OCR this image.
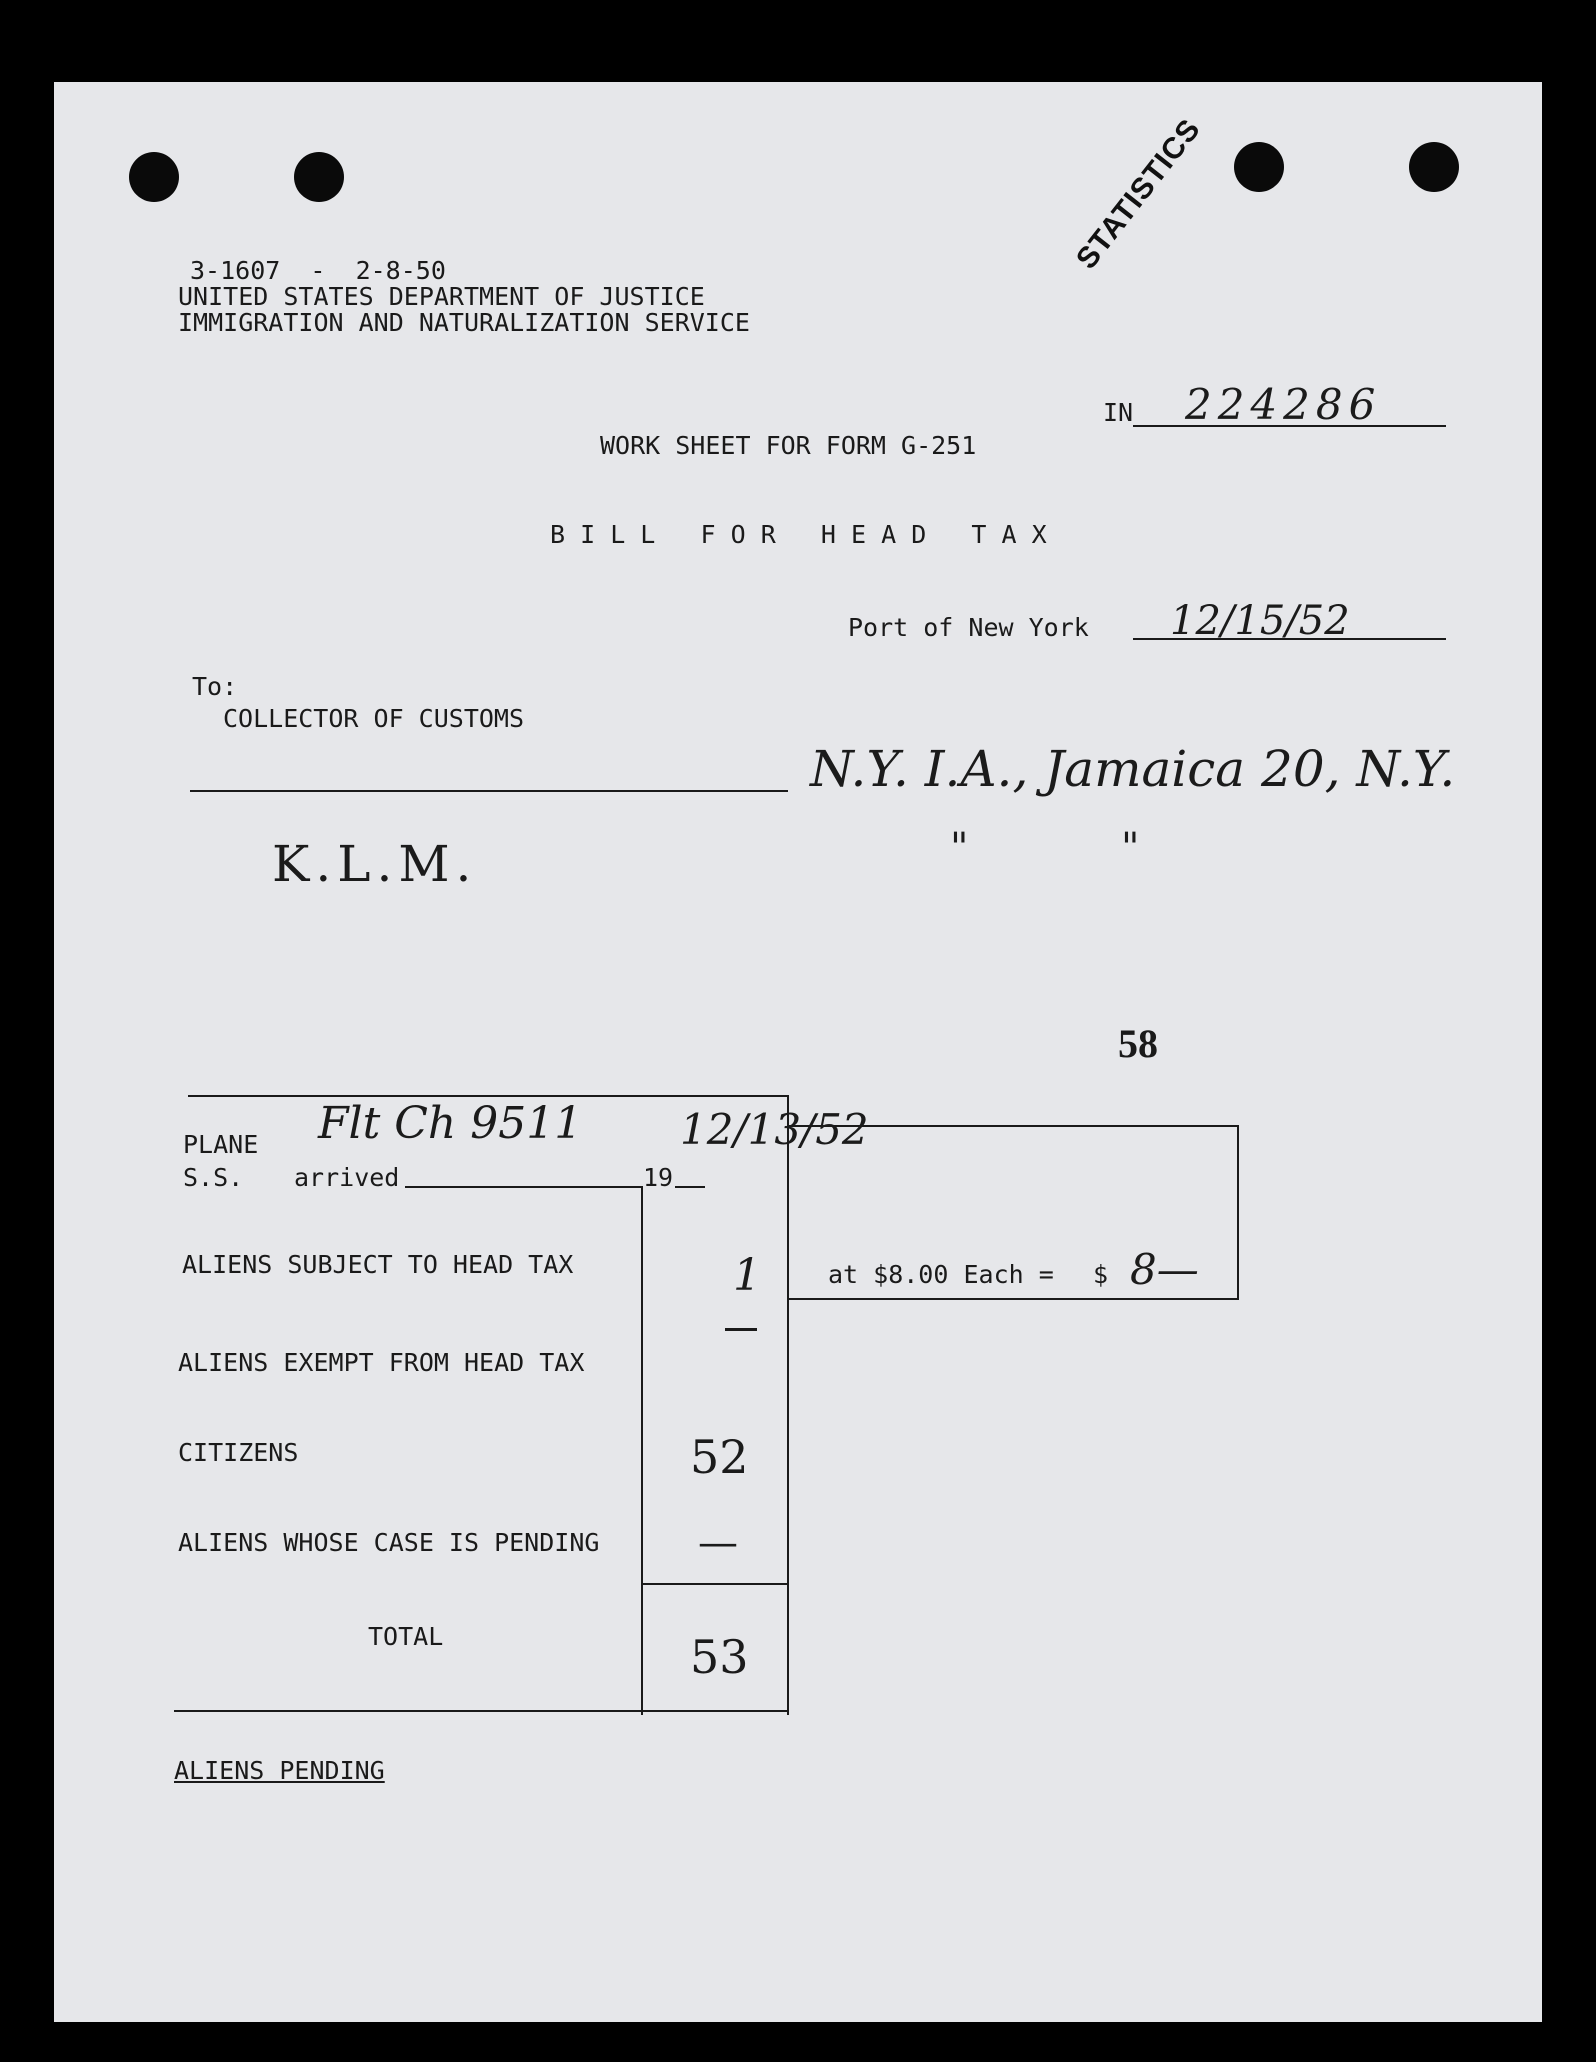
3-1607  -  2-8-50
UNITED STATES DEPARTMENT OF JUSTICE
IMMIGRATION AND NATURALIZATION SERVICE
STATISTICS
IN 224286
WORK SHEET FOR FORM G-251
B I L L   F O R   H E A D   T A X
Port of New York 12/15/52
To:
COLLECTOR OF CUSTOMS
N.Y. I.A., Jamaica 20, N.Y.
"            "
K.L.M.
58
PLANE
S.S. arrived	19
Flt Ch 9511 12/13/52
ALIENS SUBJECT TO HEAD TAX	1
ALIENS EXEMPT FROM HEAD TAX
CITIZENS	52
ALIENS WHOSE CASE IS PENDING —
TOTAL	53
at $8.00 Each = $ 8—
ALIENS PENDING
